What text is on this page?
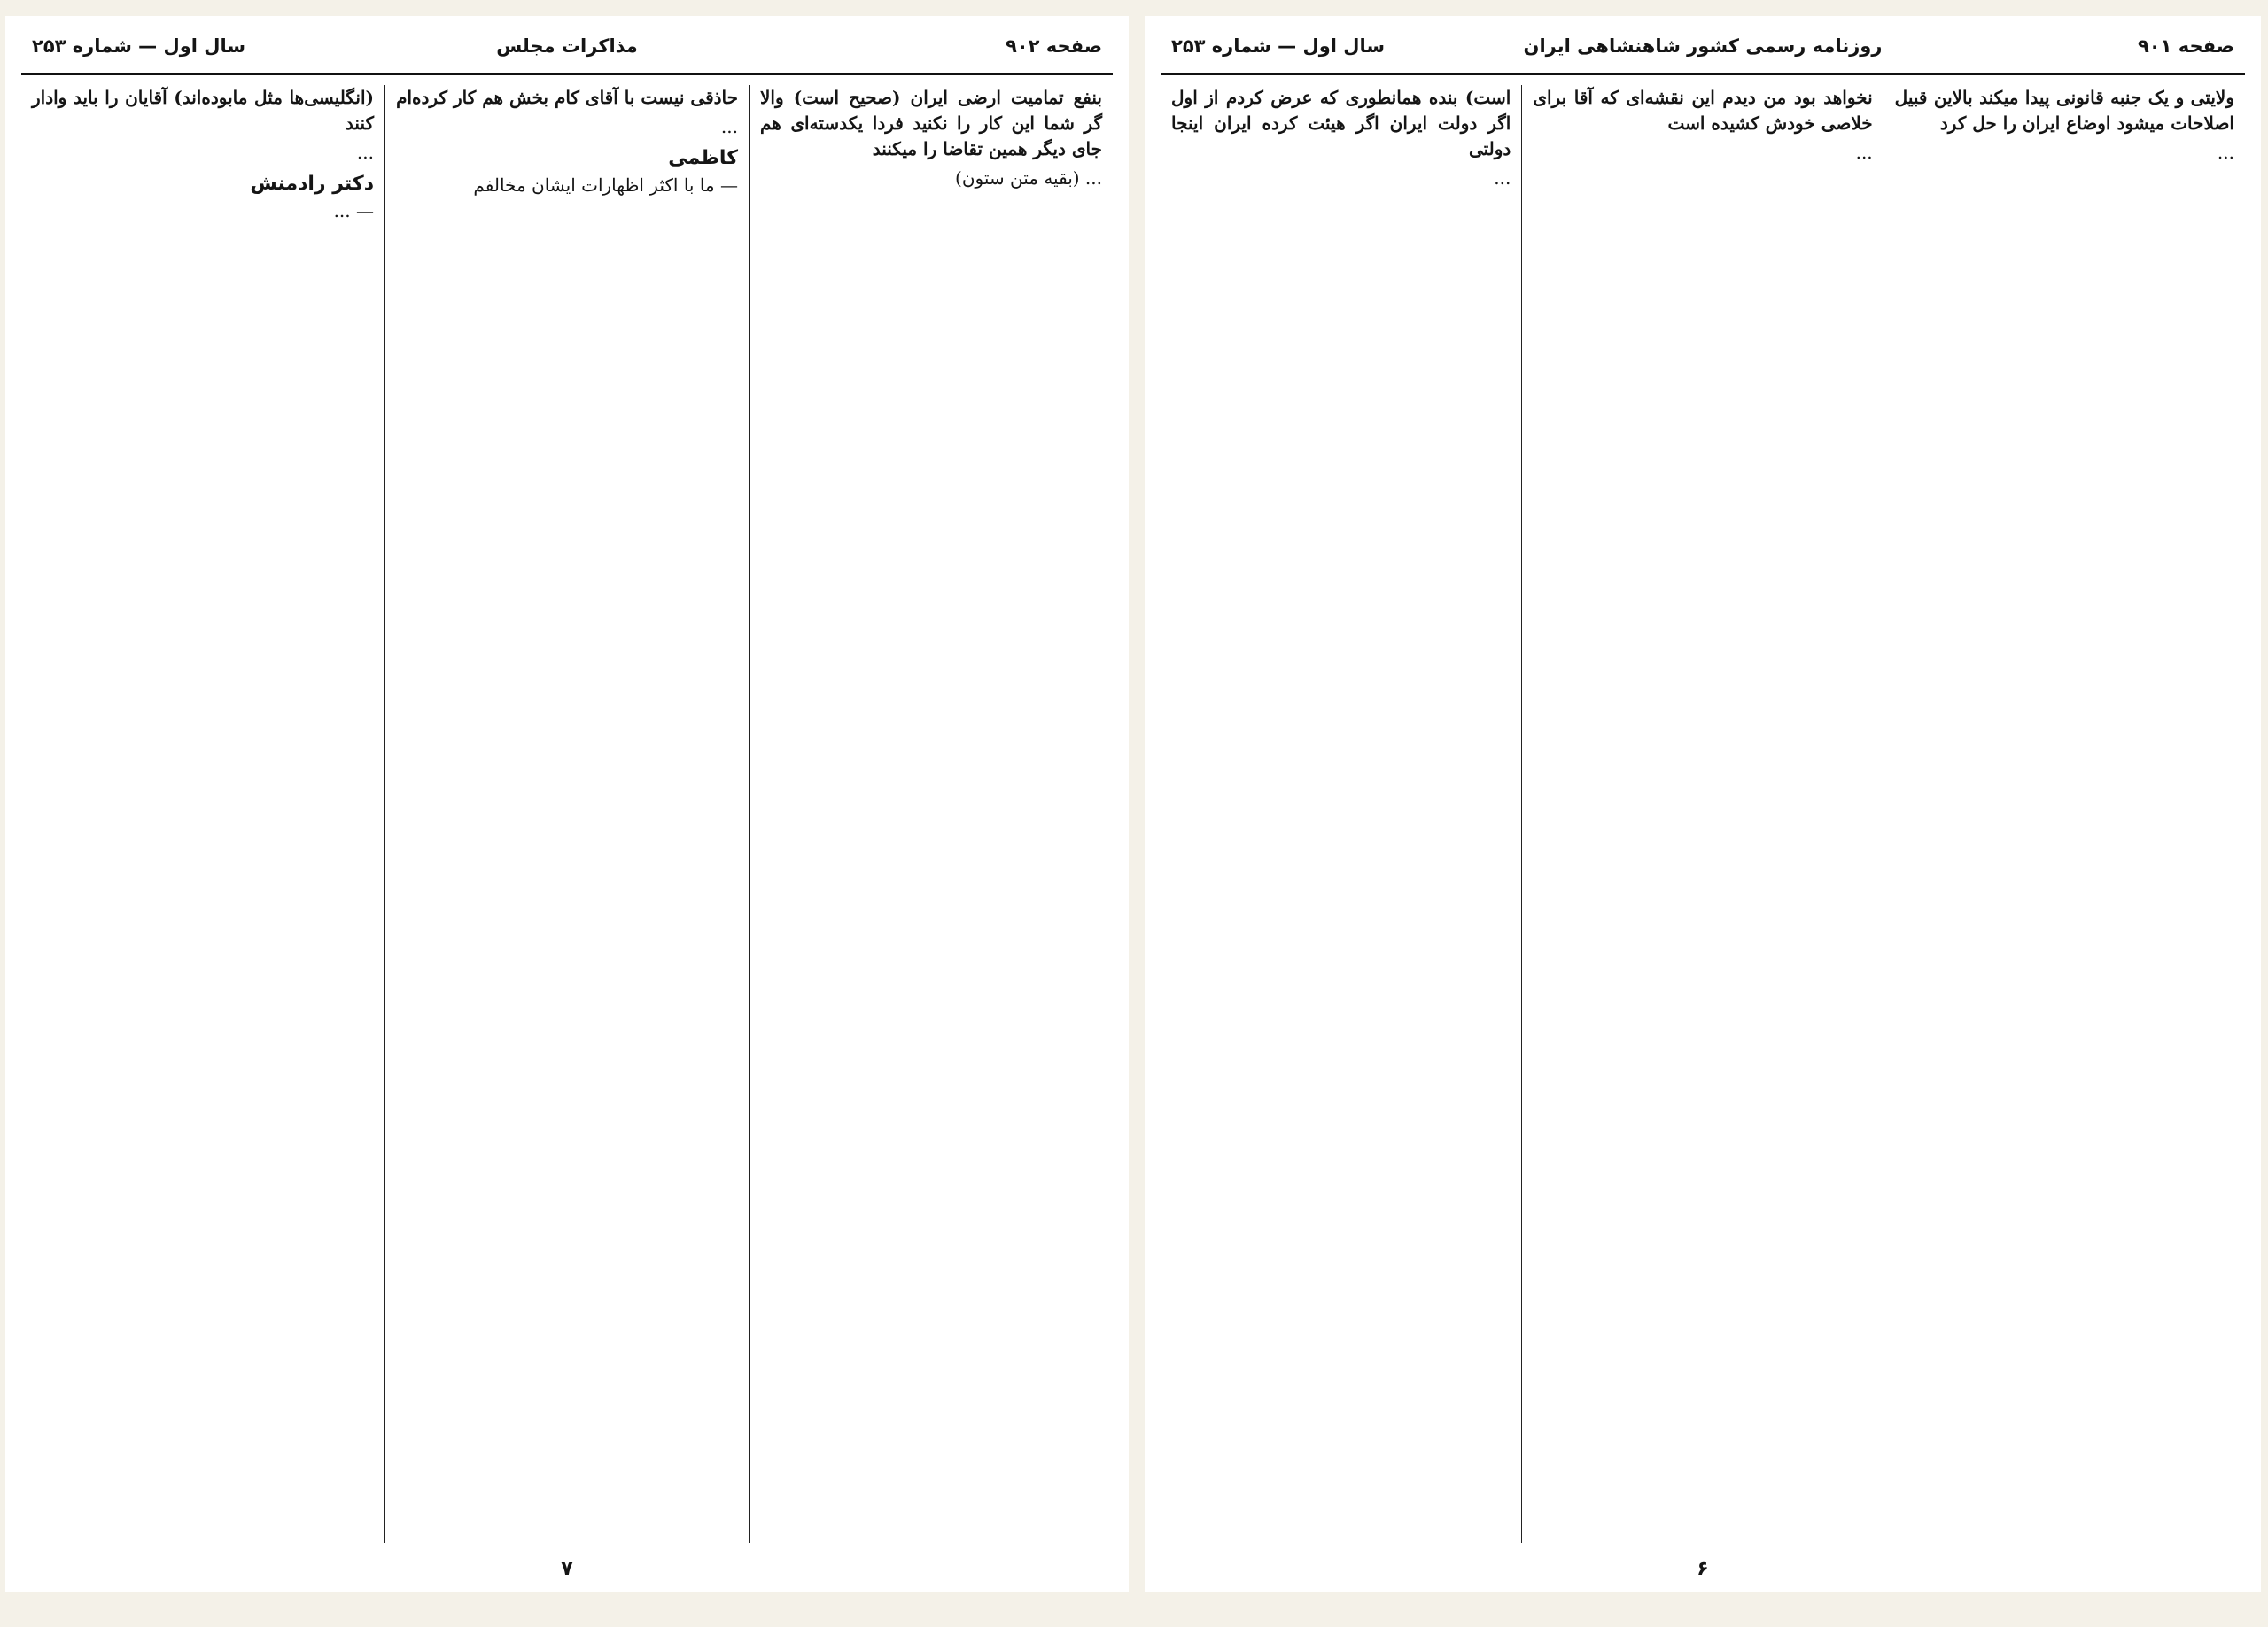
صفحه ۹۰۲
مذاکرات مجلس
سال اول — شماره ۲۵۳

بنفع تمامیت ارضی ایران (صحیح است) والا گر شما این کار را نکنید فردا یکدسته‌ای هم جای دیگر همین تقاضا را میکنند

... (بقیه متن ستون)

حاذقی نیست با آقای کام بخش هم کار کرده‌ام

...

کاظمی

— ما با اکثر اظهارات ایشان مخالفم

(انگلیسی‌ها مثل مابوده‌اند) آقایان را باید وادار کنند

...

دکتر رادمنش

— ...

۷
صفحه ۹۰۱
روزنامه رسمی کشور شاهنشاهی ایران
سال اول — شماره ۲۵۳

ولایتی و یک جنبه قانونی پیدا میکند بالاین قبیل اصلاحات میشود اوضاع ایران را حل کرد

...

نخواهد بود من دیدم این نقشه‌ای که آقا برای خلاصی خودش کشیده است

...

است) بنده همانطوری که عرض کردم از اول اگر دولت ایران اگر هیئت کرده ایران اینجا دولتی

...

۶
